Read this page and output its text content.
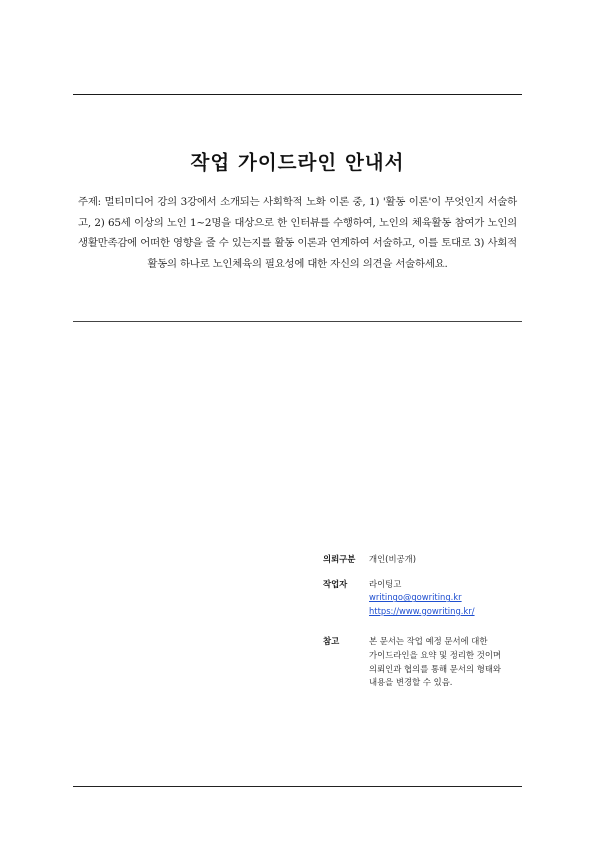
작업 가이드라인 안내서
주제: 멀티미디어 강의 3강에서 소개되는 사회학적 노화 이론 중, 1) '활동 이론'이 무엇인지 서술하고, 2) 65세 이상의 노인 1~2명을 대상으로 한 인터뷰를 수행하여, 노인의 체육활동 참여가 노인의 생활만족감에 어떠한 영향을 줄 수 있는지를 활동 이론과 연계하여 서술하고, 이를 토대로 3) 사회적 활동의 하나로 노인체육의 필요성에 대한 자신의 의견을 서술하세요.
의뢰구분	개인(비공개)
작업자	라이팅고
writingo@gowriting.kr
https://www.gowriting.kr/
참고	본 문서는 작업 예정 문서에 대한
가이드라인을 요약 및 정리한 것이며
의뢰인과 협의를 통해 문서의 형태와
내용을 변경할 수 있음.
